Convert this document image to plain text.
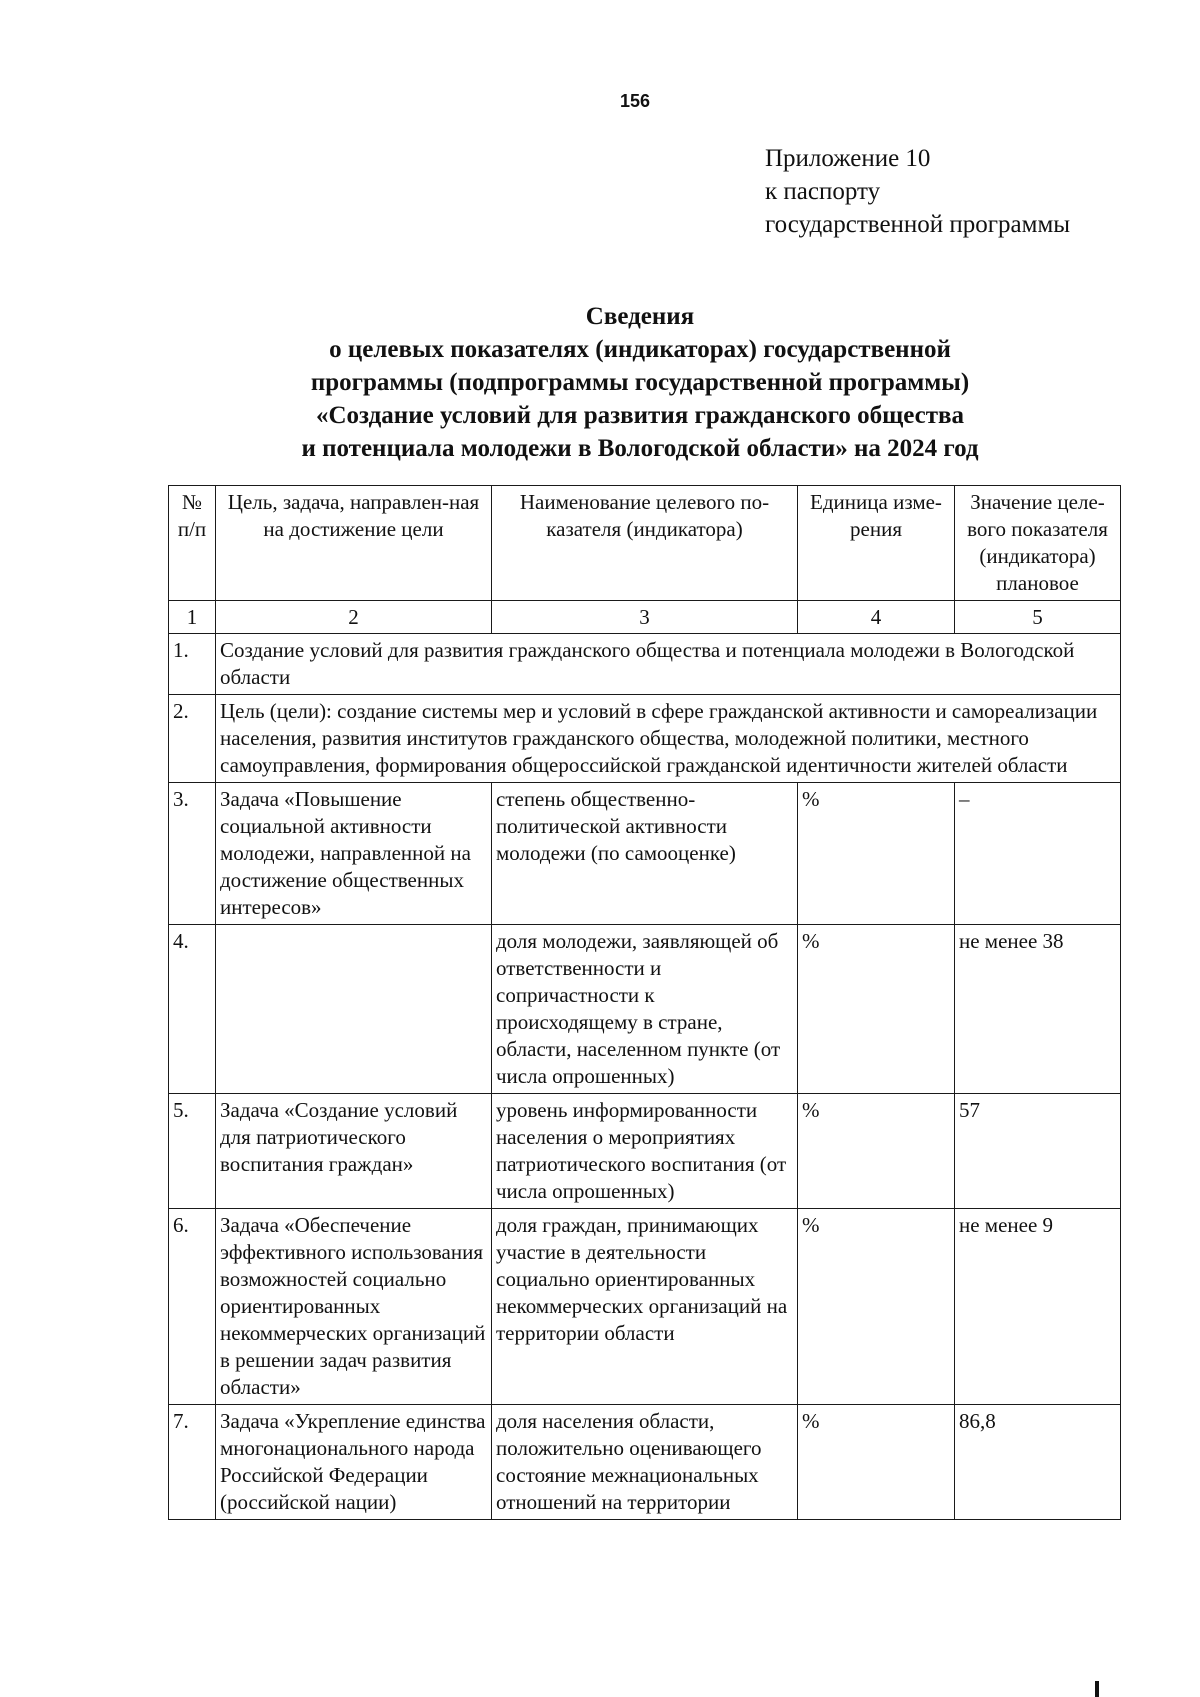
156
Приложение 10
к паспорту
государственной программы
Сведения
о целевых показателях (индикаторах) государственной
программы (подпрограммы государственной программы)
«Создание условий для развития гражданского общества
и потенциала молодежи в Вологодской области» на 2024 год
№ п/п	Цель, задача, направлен-ная на достижение цели	Наименование целевого по-казателя (индикатора)	Единица изме-рения	Значение целе-вого показателя (индикатора) плановое
1	2	3	4	5
1.	Создание условий для развития гражданского общества и потенциала молодежи в Вологодской области			
2.	Цель (цели): создание системы мер и условий в сфере гражданской активности и самореализации населения, развития институтов гражданского общества, молодежной политики, местного самоуправления, формирования общероссийской гражданской идентичности жителей области			
3.	Задача «Повышение социальной активности молодежи, направленной на достижение общественных интересов»	степень общественно-политической активности молодежи (по самооценке)	%	–
4.		доля молодежи, заявляющей об ответственности и сопричастности к происходящему в стране, области, населенном пункте (от числа опрошенных)	%	не менее 38
5.	Задача «Создание условий для патриотического воспитания граждан»	уровень информированности населения о мероприятиях патриотического воспитания (от числа опрошенных)	%	57
6.	Задача «Обеспечение эффективного использования возможностей социально ориентированных некоммерческих организаций в решении задач развития области»	доля граждан, принимающих участие в деятельности социально ориентированных некоммерческих организаций на территории области	%	не менее 9
7.	Задача «Укрепление единства многонационального народа Российской Федерации (российской нации)	доля населения области, положительно оценивающего состояние межнациональных отношений на территории	%	86,8
